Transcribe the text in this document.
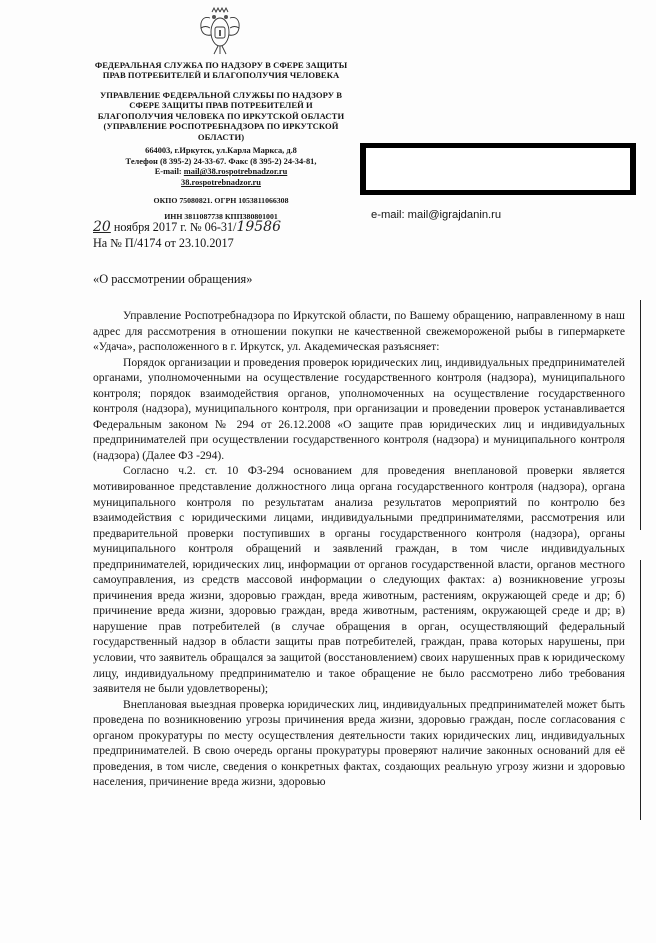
ФЕДЕРАЛЬНАЯ СЛУЖБА ПО НАДЗОРУ В СФЕРЕ ЗАЩИТЫ
ПРАВ ПОТРЕБИТЕЛЕЙ И БЛАГОПОЛУЧИЯ ЧЕЛОВЕКА
УПРАВЛЕНИЕ ФЕДЕРАЛЬНОЙ СЛУЖБЫ ПО НАДЗОРУ В
СФЕРЕ ЗАЩИТЫ ПРАВ ПОТРЕБИТЕЛЕЙ И
БЛАГОПОЛУЧИЯ ЧЕЛОВЕКА ПО ИРКУТСКОЙ ОБЛАСТИ
(УПРАВЛЕНИЕ РОСПОТРЕБНАДЗОРА ПО ИРКУТСКОЙ
ОБЛАСТИ)
664003, г.Иркутск, ул.Карла Маркса, д.8
Телефон (8 395-2) 24-33-67. Факс (8 395-2) 24-34-81,
E-mail: mail@38.rospotrebnadzor.ru
38.rospotrebnadzor.ru
ОКПО 75080821. ОГРН 1053811066308
ИНН 3811087738 КПП380801001	e-mail: mail@igrajdanin.ru
20 ноября 2017 г. № 06-31/19586
На № П/4174 от 23.10.2017
«О рассмотрении обращения»

Управление Роспотребнадзора по Иркутской области, по Вашему обращению, направленному в наш адрес для рассмотрения в отношении покупки не качественной свежемороженой рыбы в гипермаркете «Удача», расположенного в г. Иркутск, ул. Академическая разъясняет:

Порядок организации и проведения проверок юридических лиц, индивидуальных предпринимателей органами, уполномоченными на осуществление государственного контроля (надзора), муниципального контроля; порядок взаимодействия органов, уполномоченных на осуществление государственного контроля (надзора), муниципального контроля, при организации и проведении проверок устанавливается Федеральным законом № 294 от 26.12.2008 «О защите прав юридических лиц и индивидуальных предпринимателей при осуществлении государственного контроля (надзора) и муниципального контроля (надзора) (Далее ФЗ -294).

Согласно ч.2. ст. 10 ФЗ-294 основанием для проведения внеплановой проверки является мотивированное представление должностного лица органа государственного контроля (надзора), органа муниципального контроля по результатам анализа результатов мероприятий по контролю без взаимодействия с юридическими лицами, индивидуальными предпринимателями, рассмотрения или предварительной проверки поступивших в органы государственного контроля (надзора), органы муниципального контроля обращений и заявлений граждан, в том числе индивидуальных предпринимателей, юридических лиц, информации от органов государственной власти, органов местного самоуправления, из средств массовой информации о следующих фактах: а) возникновение угрозы причинения вреда жизни, здоровью граждан, вреда животным, растениям, окружающей среде и др; б) причинение вреда жизни, здоровью граждан, вреда животным, растениям, окружающей среде и др; в) нарушение прав потребителей (в случае обращения в орган, осуществляющий федеральный государственный надзор в области защиты прав потребителей, граждан, права которых нарушены, при условии, что заявитель обращался за защитой (восстановлением) своих нарушенных прав к юридическому лицу, индивидуальному предпринимателю и такое обращение не было рассмотрено либо требования заявителя не были удовлетворены);

Внеплановая выездная проверка юридических лиц, индивидуальных предпринимателей может быть проведена по возникновению угрозы причинения вреда жизни, здоровью граждан, после согласования с органом прокуратуры по месту осуществления деятельности таких юридических лиц, индивидуальных предпринимателей. В свою очередь органы прокуратуры проверяют наличие законных оснований для её проведения, в том числе, сведения о конкретных фактах, создающих реальную угрозу жизни и здоровью населения, причинение вреда жизни, здоровью
